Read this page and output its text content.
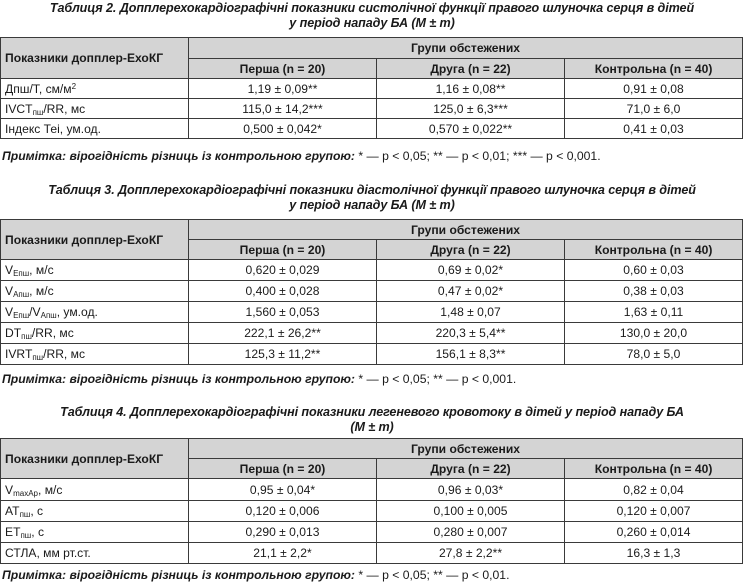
Таблиця 2. Допплерехокардіографічні показники систолічної функції правого шлуночка серця в дітей
у період нападу БА (М ± m)
Показники допплер-ЕхоКГ	Групи обстежених		
	Перша (n = 20)	Друга (n = 22)	Контрольна (n = 40)
Дпш/Т, $см/м^2$	1,19 ± 0,09**	1,16 ± 0,08**	0,91 ± 0,08
$IVCT_{пш}/RR$, мс	115,0 ± 14,2***	125,0 ± 6,3***	71,0 ± 6,0
Індекс Теі, ум.од.	0,500 ± 0,042*	0,570 ± 0,022**	0,41 ± 0,03
Примітка: вірогідність різниць із контрольною групою: * — р < 0,05; ** — р < 0,01; *** — р < 0,001.
Таблиця 3. Допплерехокардіографічні показники діастолічної функції правого шлуночка серця в дітей
у період нападу БА (М ± m)
Показники допплер-ЕхоКГ	Групи обстежених		
	Перша (n = 20)	Друга (n = 22)	Контрольна (n = 40)
$V_{Епш}$, м/с	0,620 ± 0,029	0,69 ± 0,02*	0,60 ± 0,03
$V_{Апш}$, м/с	0,400 ± 0,028	0,47 ± 0,02*	0,38 ± 0,03
$V_{Епш}/V_{Апш}$, ум.од.	1,560 ± 0,053	1,48 ± 0,07	1,63 ± 0,11
$DT_{пш}/RR$, мс	222,1 ± 26,2**	220,3 ± 5,4**	130,0 ± 20,0
$IVRT_{пш}/RR$, мс	125,3 ± 11,2**	156,1 ± 8,3**	78,0 ± 5,0
Примітка: вірогідність різниць із контрольною групою: * — р < 0,05; ** — р < 0,001.
Таблиця 4. Допплерехокардіографічні показники легеневого кровотоку в дітей у період нападу БА
(М ± m)
Показники допплер-ЕхоКГ	Групи обстежених		
	Перша (n = 20)	Друга (n = 22)	Контрольна (n = 40)
$V_{maxAp}$, м/с	0,95 ± 0,04*	0,96 ± 0,03*	0,82 ± 0,04
$AT_{пш}$, с	0,120 ± 0,006	0,100 ± 0,005	0,120 ± 0,007
$ET_{пш}$, с	0,290 ± 0,013	0,280 ± 0,007	0,260 ± 0,014
СТЛА, мм рт.ст.	21,1 ± 2,2*	27,8 ± 2,2**	16,3 ± 1,3
Примітка: вірогідність різниць із контрольною групою: * — р < 0,05; ** — р < 0,01.
